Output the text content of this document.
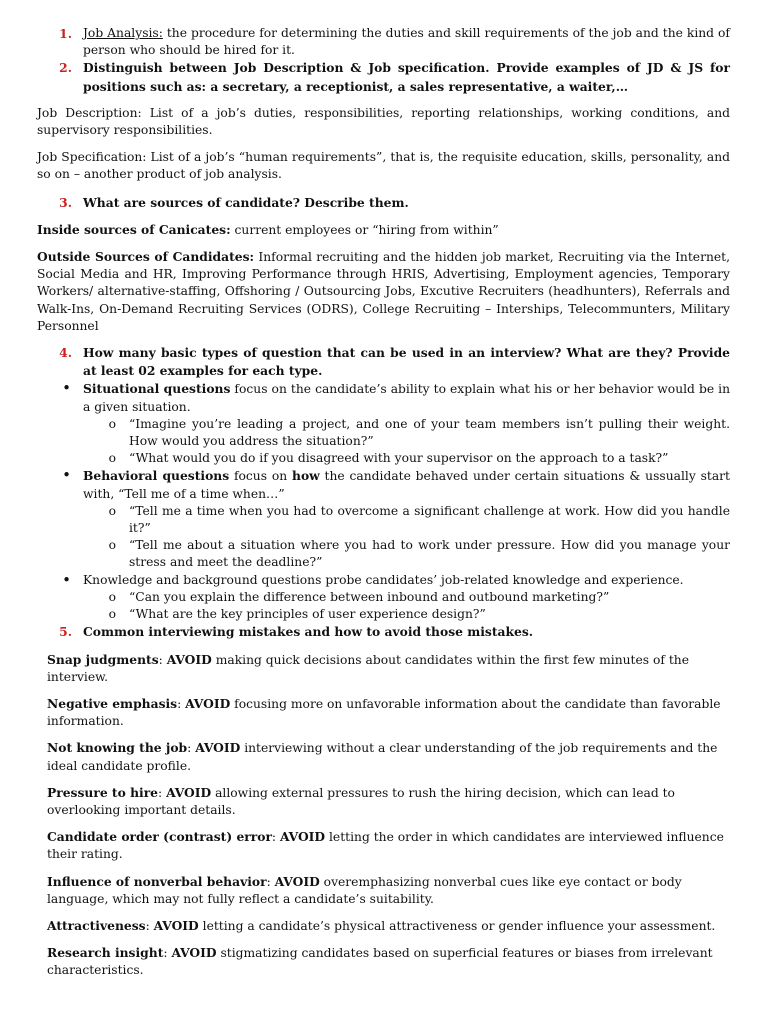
1. Job Analysis: the procedure for determining the duties and skill requirements of the job and the kind of person who should be hired for it.

2. Distinguish between Job Description & Job specification. Provide examples of JD & JS for positions such as: a secretary, a receptionist, a sales representative, a waiter,…

Job Description: List of a job’s duties, responsibilities, reporting relationships, working conditions, and supervisory responsibilities.

Job Specification: List of a job’s “human requirements”, that is, the requisite education, skills, personality, and so on – another product of job analysis.

3. What are sources of candidate? Describe them.

Inside sources of Canicates: current employees or “hiring from within”

Outside Sources of Candidates: Informal recruiting and the hidden job market, Recruiting via the Internet, Social Media and HR, Improving Performance through HRIS, Advertising, Employment agencies, Temporary Workers/ alternative-staffing, Offshoring / Outsourcing Jobs, Excutive Recruiters (headhunters), Referrals and Walk-Ins, On-Demand Recruiting Services (ODRS), College Recruiting – Interships, Telecommunters, Military Personnel

4. How many basic types of question that can be used in an interview? What are they? Provide at least 02 examples for each type.

• Situational questions focus on the candidate’s ability to explain what his or her behavior would be in a given situation.

o	“Imagine you’re leading a project, and one of your team members isn’t pulling their weight. How would you address the situation?”

o	“What would you do if you disagreed with your supervisor on the approach to a task?”

• Behavioral questions focus on how the candidate behaved under certain situations & ussually start with, “Tell me of a time when…”

o	“Tell me a time when you had to overcome a significant challenge at work. How did you handle it?”

o	“Tell me about a situation where you had to work under pressure. How did you manage your stress and meet the deadline?”

• Knowledge and background questions probe candidates’ job-related knowledge and experience.

o	“Can you explain the difference between inbound and outbound marketing?”

o	“What are the key principles of user experience design?”

5. Common interviewing mistakes and how to avoid those mistakes.

Snap judgments: AVOID making quick decisions about candidates within the first few minutes of the interview.

Negative emphasis: AVOID focusing more on unfavorable information about the candidate than favorable information.

Not knowing the job: AVOID interviewing without a clear understanding of the job requirements and the ideal candidate profile.

Pressure to hire: AVOID allowing external pressures to rush the hiring decision, which can lead to overlooking important details.

Candidate order (contrast) error: AVOID letting the order in which candidates are interviewed influence their rating.

Influence of nonverbal behavior: AVOID overemphasizing nonverbal cues like eye contact or body language, which may not fully reflect a candidate’s suitability.

Attractiveness: AVOID letting a candidate’s physical attractiveness or gender influence your assessment.

Research insight: AVOID stigmatizing candidates based on superficial features or biases from irrelevant characteristics.
